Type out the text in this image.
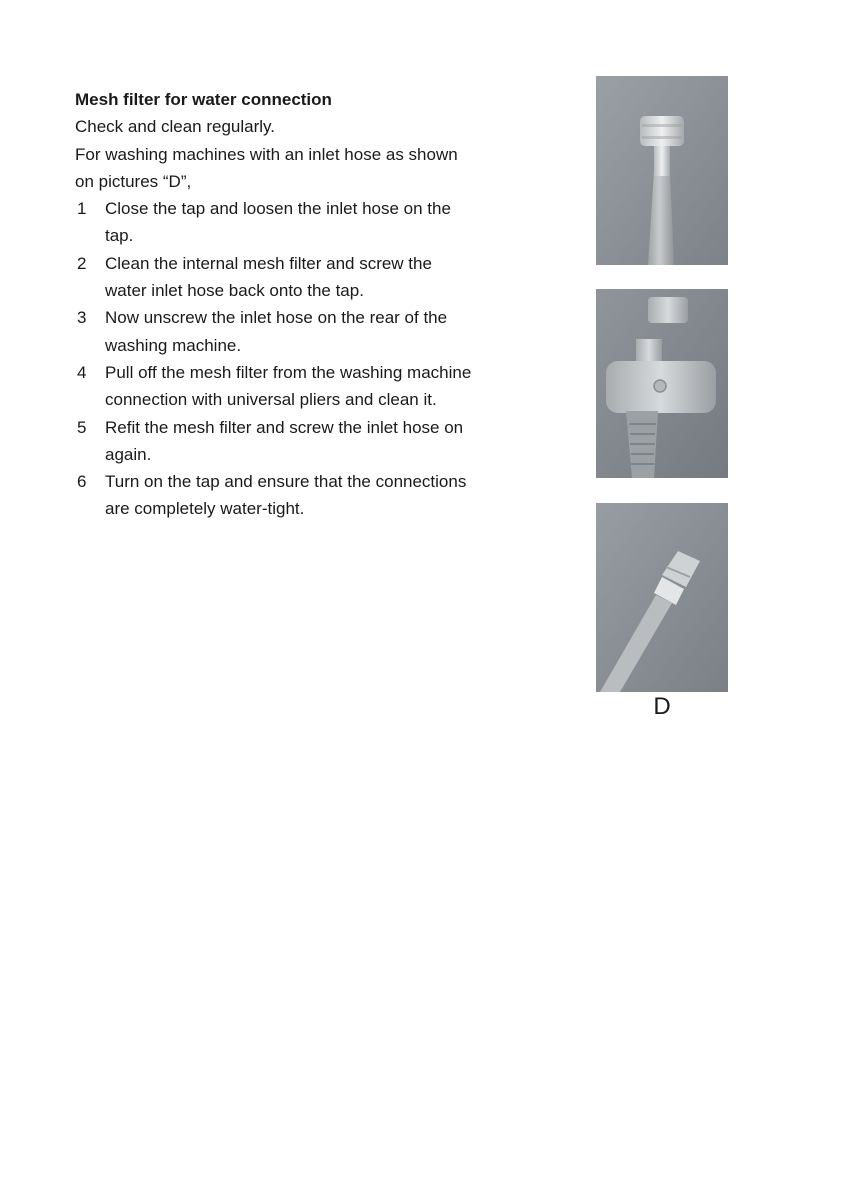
Mesh filter for water connection

Check and clean regularly.

For washing machines with an inlet hose as shown

on pictures “D”,

1 Close the tap and loosen the inlet hose on the tap.
2 Clean the internal mesh filter and screw the water inlet hose back onto the tap.
3 Now unscrew the inlet hose on the rear of the washing machine.
4 Pull off the mesh filter from the washing machine connection with universal pliers and clean it.
5 Refit the mesh filter and screw the inlet hose on again.
6 Turn on the tap and ensure that the connections are completely water-tight.
D
